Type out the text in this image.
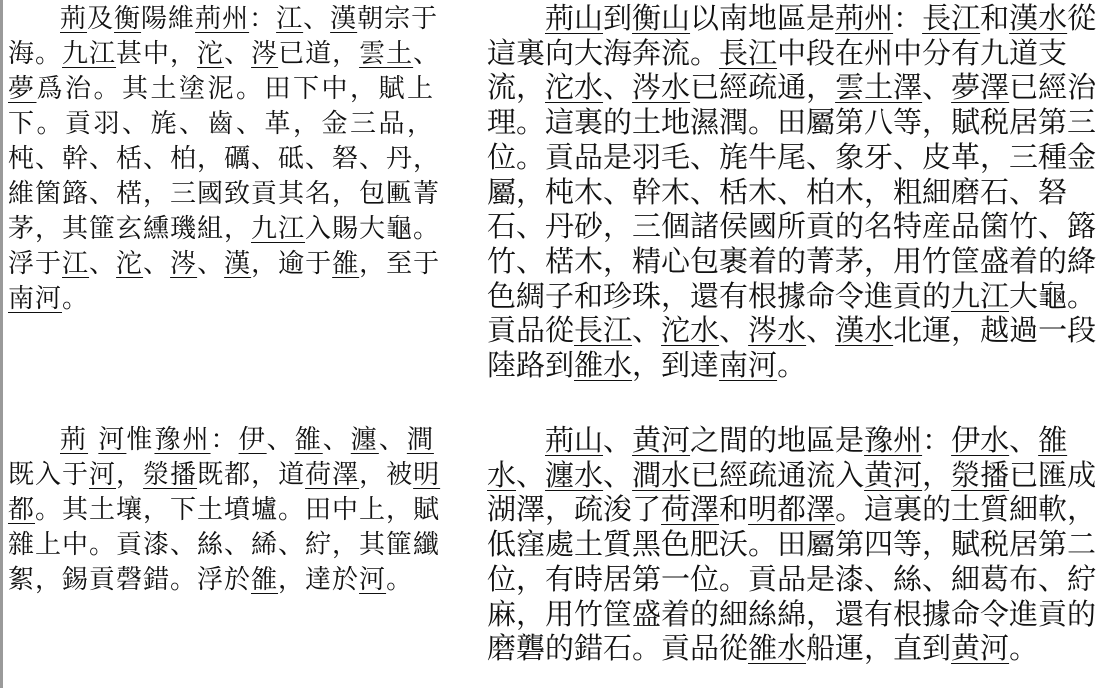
荊及衡陽維荊州：江、漢朝宗于
海。九江甚中，沱、涔已道，雲土、
夢爲治。其土塗泥。田下中，賦上
下。貢羽、旄、齒、革，金三品，
杶、幹、栝、柏，礪、砥、砮、丹，
維箘簬、楛，三國致貢其名，包匭菁
茅，其篚玄纁璣組，九江入賜大龜。
浮于江、沱、涔、漢，逾于雒，至于
南河。
荊 河惟豫州：伊、雒、瀍、澗
既入于河，滎播既都，道荷澤，被明
都。其土壤，下土墳壚。田中上，賦
雜上中。貢漆、絲、絺、紵，其篚纖
絮，錫貢磬錯。浮於雒，達於河。
荊山到衡山以南地區是荊州：長江和漢水從
這裏向大海奔流。長江中段在州中分有九道支
流，沱水、涔水已經疏通，雲土澤、夢澤已經治
理。這裏的土地濕潤。田屬第八等，賦税居第三
位。貢品是羽毛、旄牛尾、象牙、皮革，三種金
屬，杶木、幹木、栝木、柏木，粗細磨石、砮
石、丹砂，三個諸侯國所貢的名特産品箘竹、簬
竹、楛木，精心包裹着的菁茅，用竹筐盛着的絳
色綢子和珍珠，還有根據命令進貢的九江大龜。
貢品從長江、沱水、涔水、漢水北運，越過一段
陸路到雒水，到達南河。
荊山、黄河之間的地區是豫州：伊水、雒
水、瀍水、澗水已經疏通流入黄河，滎播已匯成
湖澤，疏浚了荷澤和明都澤。這裏的土質細軟，
低窪處土質黑色肥沃。田屬第四等，賦税居第二
位，有時居第一位。貢品是漆、絲、細葛布、紵
麻，用竹筐盛着的細絲綿，還有根據命令進貢的
磨礱的錯石。貢品從雒水船運，直到黄河。
